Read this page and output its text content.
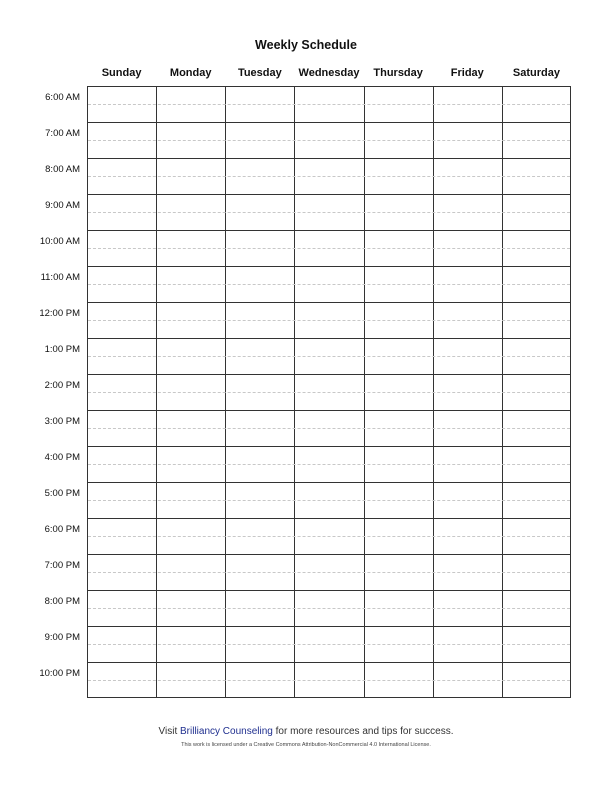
Weekly Schedule
Sunday	Monday	Tuesday	Wednesday	Thursday	Friday	Saturday
6:00 AM
7:00 AM
8:00 AM
9:00 AM
10:00 AM
11:00 AM
12:00 PM
1:00 PM
2:00 PM
3:00 PM
4:00 PM
5:00 PM
6:00 PM
7:00 PM
8:00 PM
9:00 PM
10:00 PM
Visit Brilliancy Counseling for more resources and tips for success.
This work is licensed under a Creative Commons Attribution-NonCommercial 4.0 International License.
